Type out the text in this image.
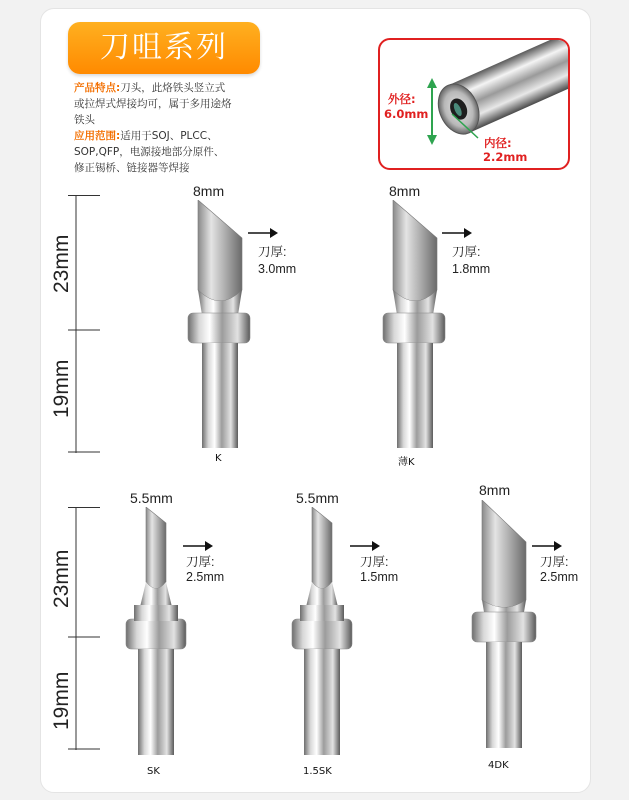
刀咀系列
产品特点:刀头，此烙铁头竖立式
或拉焊式焊接均可，属于多用途烙
铁头
应用范围:适用于SOJ、PLCC、
SOP,QFP，电源接地部分原件、
修正锡桥、链接器等焊接
外径:
6.0mm
内径:
2.2mm
23mm
19mm
23mm
19mm
8mm
刀厚:
3.0mm
K
8mm
刀厚:
1.8mm
薄K
5.5mm
刀厚:
2.5mm
SK
5.5mm
刀厚:
1.5mm
1.5SK
8mm
刀厚:
2.5mm
4DK
